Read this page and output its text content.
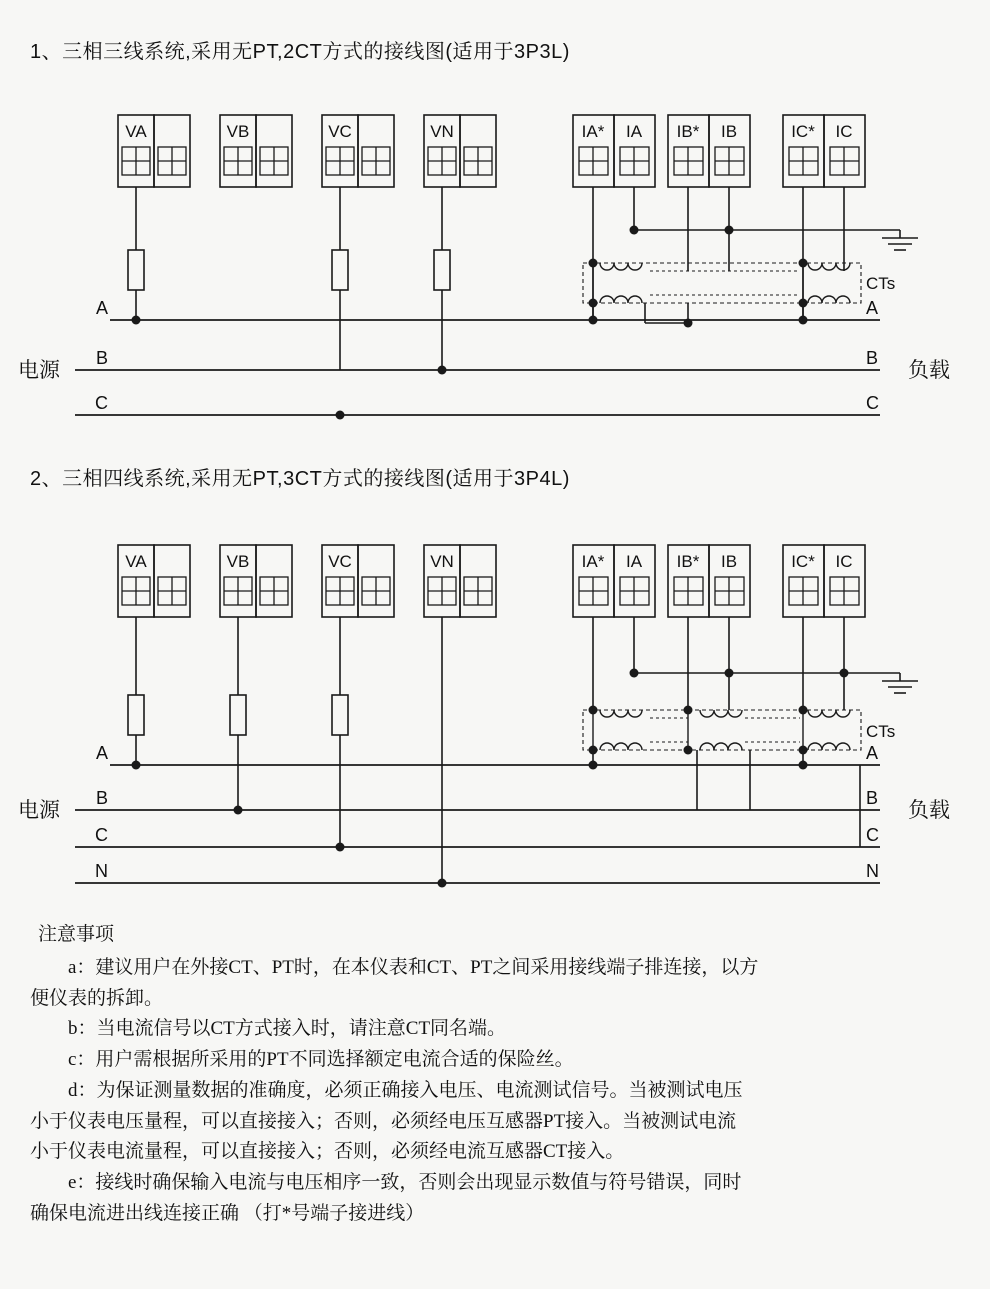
1、三相三线系统,采用无PT,2CT方式的接线图(适用于3P3L)
VA	VB	VC	VN	IA* IA IB* IB	IC* IC
A
B
C
A
B
C
CTs
电源	负载
2、三相四线系统,采用无PT,3CT方式的接线图(适用于3P4L)
VA	VB	VC	VN	IA* IA IB* IB	IC* IC
A
B
C
N
A
B
C
N
CTs
电源	负载
注意事项
a：建议用户在外接CT、PT时，在本仪表和CT、PT之间采用接线端子排连接，以方
便仪表的拆卸。
b：当电流信号以CT方式接入时，请注意CT同名端。
c：用户需根据所采用的PT不同选择额定电流合适的保险丝。
d：为保证测量数据的准确度，必须正确接入电压、电流测试信号。当被测试电压
小于仪表电压量程，可以直接接入；否则，必须经电压互感器PT接入。当被测试电流
小于仪表电流量程，可以直接接入；否则，必须经电流互感器CT接入。
e：接线时确保输入电流与电压相序一致，否则会出现显示数值与符号错误，同时
确保电流进出线连接正确 （打*号端子接进线）
